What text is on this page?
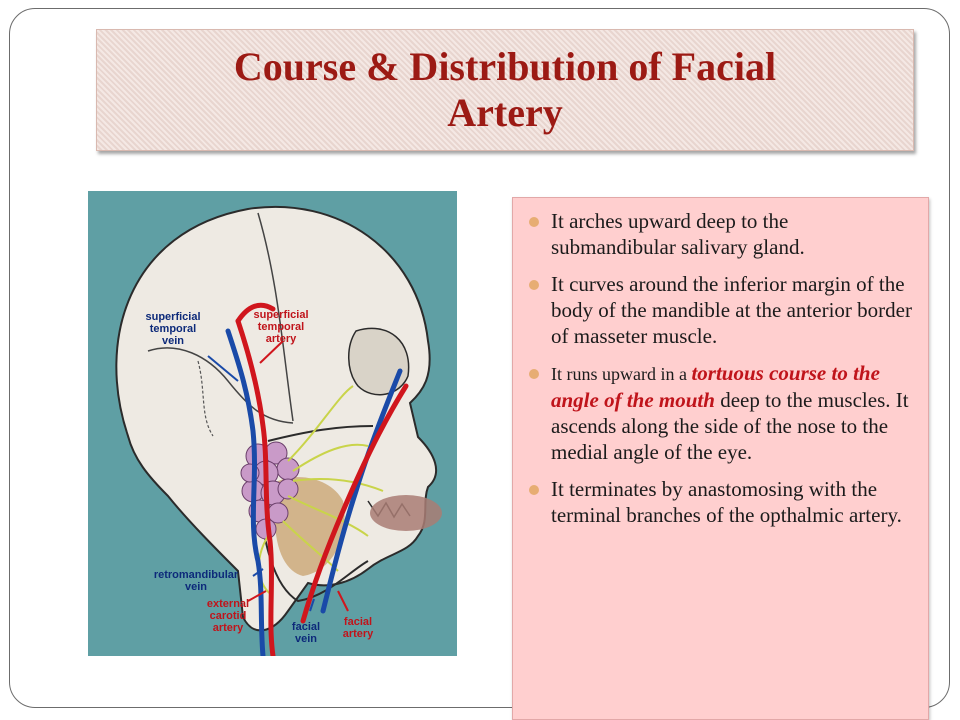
Course & Distribution of Facial
Artery
superficial
temporal
vein
superficial
temporal
artery
retromandibular
vein
external
carotid
artery	facial
vein
facial
artery
It arches upward deep to the submandibular salivary gland.
It curves around the inferior margin of the body of the mandible at the anterior border of masseter muscle.
It runs upward in a tortuous course to the angle of the mouth deep to the muscles. It ascends along the side of the nose to the medial angle of the eye.
It terminates by anastomosing with the terminal branches of the opthalmic artery.
